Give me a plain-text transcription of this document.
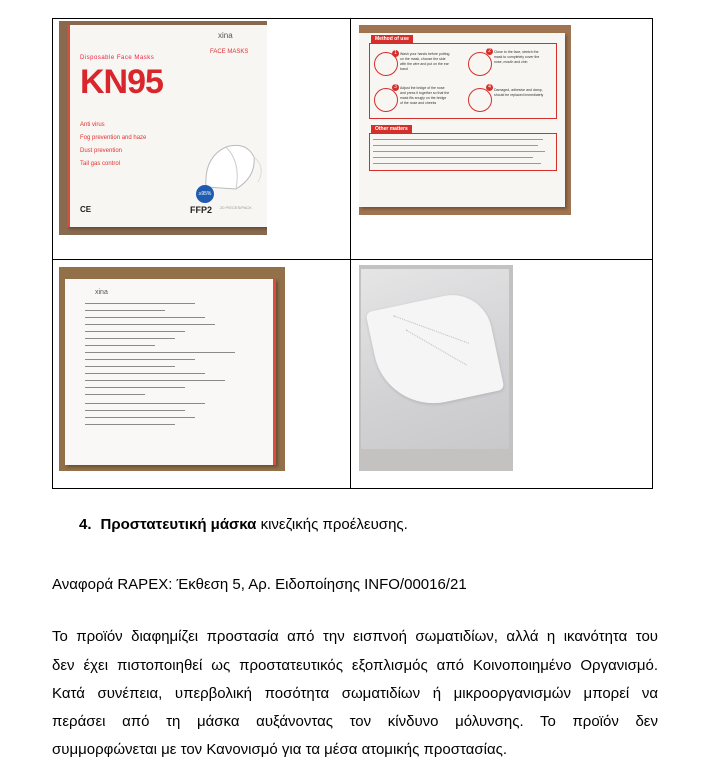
xina
FACE MASKS
Disposable Face Masks
KN95
Anti virus
Fog prevention and haze
Dust prevention
Tail gas control
≥95%
CE	FFP2 20 PIECES/PACK
1 Wash your hands before putting on the mask, choose the side with the wire and put on the ear band
2 Close to the face, stretch the mask to completely cover the nose, mouth and chin
3 Adjust the bridge of the nose and press it together so that the mask fits snugly on the bridge of the nose and cheeks
4 Damaged, adhesive and damp, should be replaced immediately
Method of use
Other matters
xina

4. Προστατευτική μάσκα κινεζικής προέλευσης.

Αναφορά RAPEX: Έκθεση 5, Αρ. Ειδοποίησης INFO/00016/21

Το προϊόν διαφημίζει προστασία από την εισπνοή σωματιδίων, αλλά η ικανότητα του

δεν έχει πιστοποιηθεί ως προστατευτικός εξοπλισμός από Κοινοποιημένο Οργανισμό.

Κατά συνέπεια, υπερβολική ποσότητα σωματιδίων ή μικροοργανισμών μπορεί να

περάσει από τη μάσκα αυξάνοντας τον κίνδυνο μόλυνσης. Το προϊόν δεν

συμμορφώνεται με τον Κανονισμό για τα μέσα ατομικής προστασίας.
